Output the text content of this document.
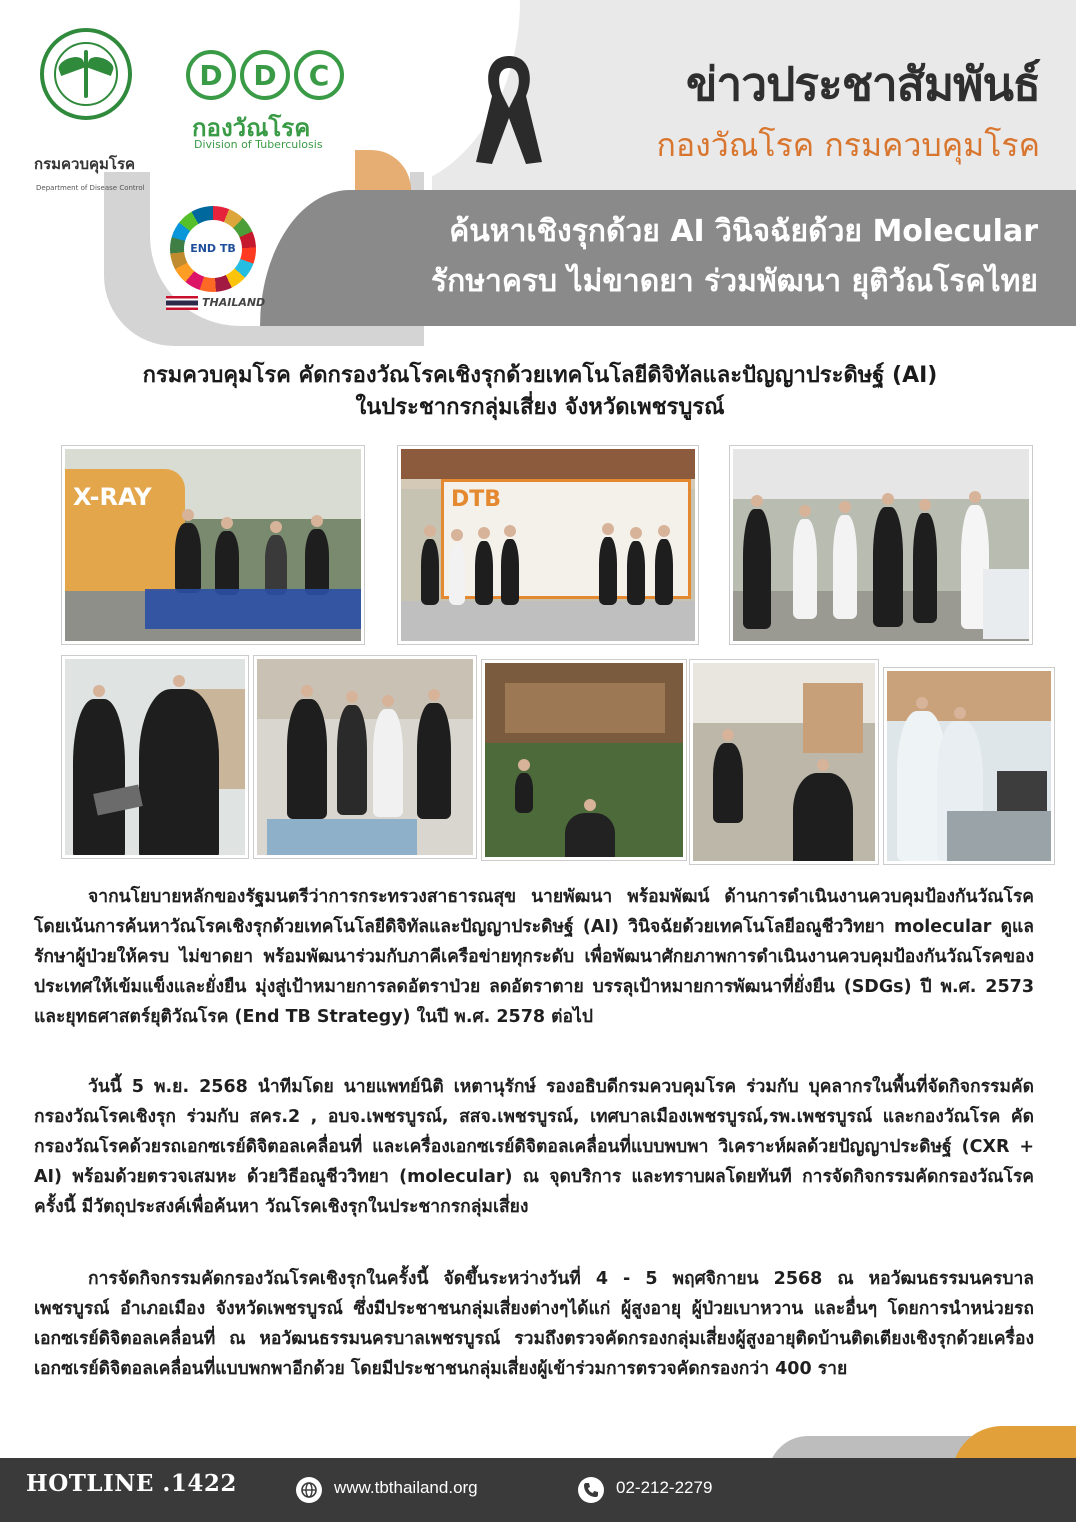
กรมควบคุมโรค
Department of Disease Control
D	D	C
กองวัณโรค
Division of Tuberculosis
END TB
THAILAND
ข่าวประชาสัมพันธ์
กองวัณโรค กรมควบคุมโรค
ค้นหาเชิงรุกด้วย AI วินิจฉัยด้วย Molecular
รักษาครบ ไม่ขาดยา ร่วมพัฒนา ยุติวัณโรคไทย
กรมควบคุมโรค คัดกรองวัณโรคเชิงรุกด้วยเทคโนโลยีดิจิทัลและปัญญาประดิษฐ์ (AI)
ในประชากรกลุ่มเสี่ยง จังหวัดเพชรบูรณ์
X-RAY	DTB
จากนโยบายหลักของรัฐมนตรีว่าการกระทรวงสาธารณสุข นายพัฒนา พร้อมพัฒน์ ด้านการดำเนินงานควบคุมป้องกันวัณโรค โดยเน้นการค้นหาวัณโรคเชิงรุกด้วยเทคโนโลยีดิจิทัลและปัญญาประดิษฐ์ (AI) วินิจฉัยด้วยเทคโนโลยีอณูชีววิทยา molecular ดูแลรักษาผู้ป่วยให้ครบ ไม่ขาดยา พร้อมพัฒนาร่วมกับภาคีเครือข่ายทุกระดับ เพื่อพัฒนาศักยภาพการดำเนินงานควบคุมป้องกันวัณโรคของประเทศให้เข้มแข็งและยั่งยืน มุ่งสู่เป้าหมายการลดอัตราป่วย ลดอัตราตาย บรรลุเป้าหมายการพัฒนาที่ยั่งยืน (SDGs) ปี พ.ศ. 2573 และยุทธศาสตร์ยุติวัณโรค (End TB Strategy) ในปี พ.ศ. 2578 ต่อไป
วันนี้ 5 พ.ย. 2568 นำทีมโดย นายแพทย์นิติ เหตานุรักษ์ รองอธิบดีกรมควบคุมโรค ร่วมกับ บุคลากรในพื้นที่จัดกิจกรรมคัดกรองวัณโรคเชิงรุก ร่วมกับ สคร.2 , อบจ.เพชรบูรณ์, สสจ.เพชรบูรณ์, เทศบาลเมืองเพชรบูรณ์,รพ.เพชรบูรณ์ และกองวัณโรค คัดกรองวัณโรคด้วยรถเอกซเรย์ดิจิตอลเคลื่อนที่ และเครื่องเอกซเรย์ดิจิตอลเคลื่อนที่แบบพบพา วิเคราะห์ผลด้วยปัญญาประดิษฐ์ (CXR + AI) พร้อมด้วยตรวจเสมหะ ด้วยวิธีอณูชีววิทยา (molecular) ณ จุดบริการ และทราบผลโดยทันที การจัดกิจกรรมคัดกรองวัณโรคครั้งนี้ มีวัตถุประสงค์เพื่อค้นหา วัณโรคเชิงรุกในประชากรกลุ่มเสี่ยง
การจัดกิจกรรมคัดกรองวัณโรคเชิงรุกในครั้งนี้ จัดขึ้นระหว่างวันที่ 4 - 5 พฤศจิกายน 2568 ณ หอวัฒนธรรมนครบาลเพชรบูรณ์ อำเภอเมือง จังหวัดเพชรบูรณ์ ซึ่งมีประชาชนกลุ่มเสี่ยงต่างๆได้แก่ ผู้สูงอายุ ผู้ป่วยเบาหวาน และอื่นๆ โดยการนำหน่วยรถเอกซเรย์ดิจิตอลเคลื่อนที่ ณ หอวัฒนธรรมนครบาลเพชรบูรณ์ รวมถึงตรวจคัดกรองกลุ่มเสี่ยงผู้สูงอายุติดบ้านติดเตียงเชิงรุกด้วยเครื่องเอกซเรย์ดิจิตอลเคลื่อนที่แบบพกพาอีกด้วย โดยมีประชาชนกลุ่มเสี่ยงผู้เข้าร่วมการตรวจคัดกรองกว่า 400 ราย
HOTLINE .1422	www.tbthailand.org	02-212-2279
